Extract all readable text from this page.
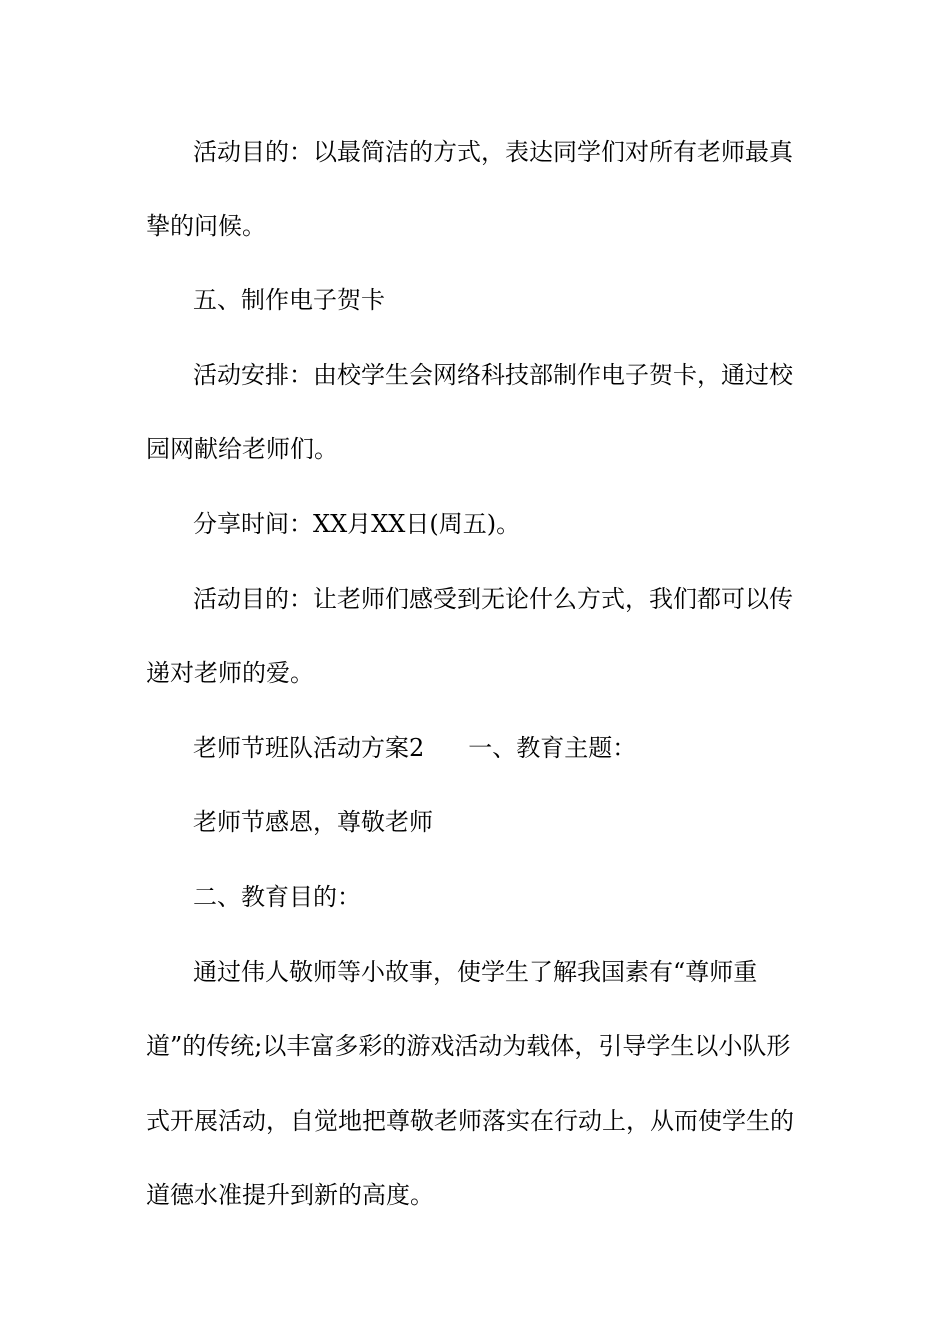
活动目的：以最简洁的方式，表达同学们对所有老师最真

挚的问候。

五、制作电子贺卡

活动安排：由校学生会网络科技部制作电子贺卡，通过校

园网献给老师们。

分享时间：XX月XX日(周五)。

活动目的：让老师们感受到无论什么方式，我们都可以传

递对老师的爱。

老师节班队活动方案2 一、教育主题：

老师节感恩，尊敬老师

二、教育目的：

通过伟人敬师等小故事，使学生了解我国素有“尊师重

道”的传统;以丰富多彩的游戏活动为载体，引导学生以小队形

式开展活动，自觉地把尊敬老师落实在行动上，从而使学生的

道德水准提升到新的高度。
